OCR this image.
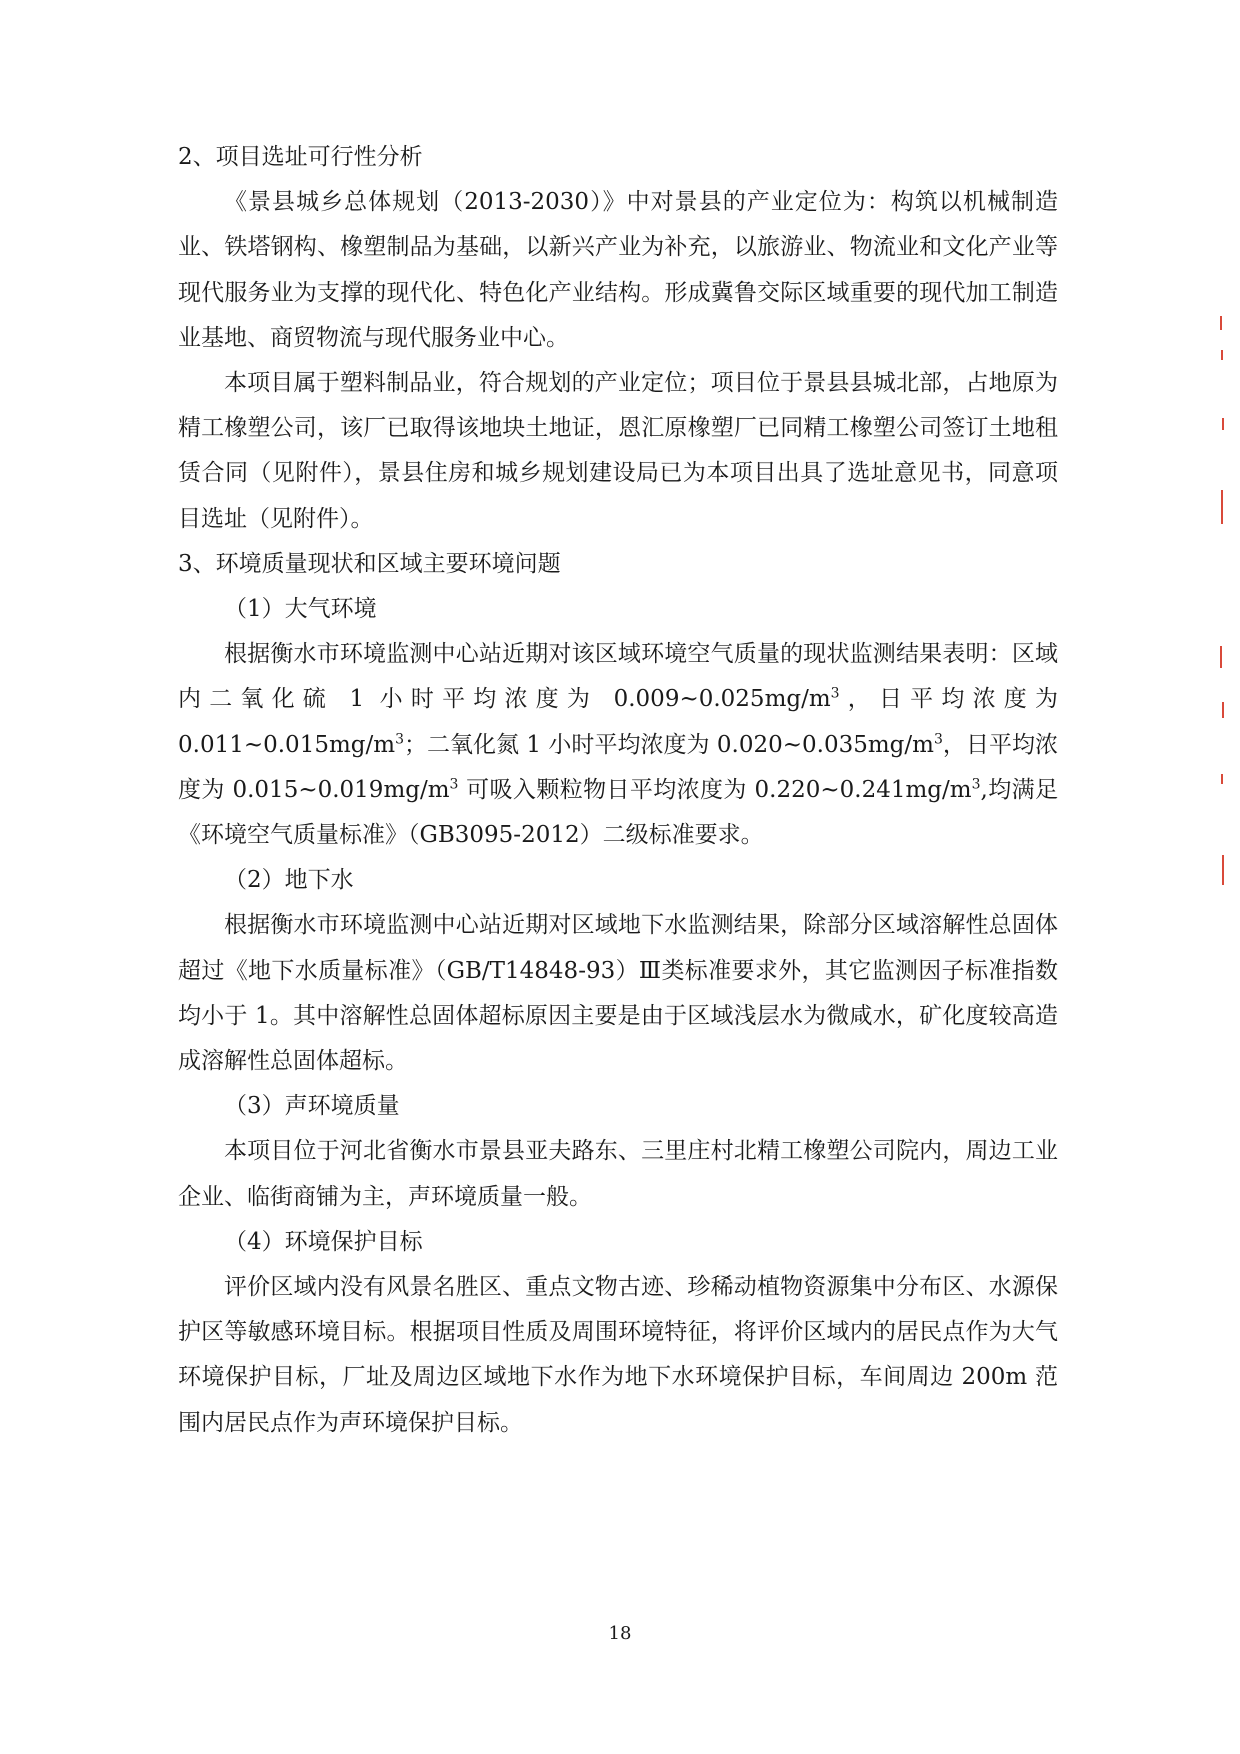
2、项目选址可行性分析

《景县城乡总体规划（2013-2030）》中对景县的产业定位为：构筑以机械制造业、铁塔钢构、橡塑制品为基础，以新兴产业为补充，以旅游业、物流业和文化产业等现代服务业为支撑的现代化、特色化产业结构。形成冀鲁交际区域重要的现代加工制造业基地、商贸物流与现代服务业中心。

本项目属于塑料制品业，符合规划的产业定位；项目位于景县县城北部，占地原为精工橡塑公司，该厂已取得该地块土地证，恩汇原橡塑厂已同精工橡塑公司签订土地租赁合同（见附件），景县住房和城乡规划建设局已为本项目出具了选址意见书，同意项目选址（见附件）。

3、环境质量现状和区域主要环境问题

（1）大气环境

根据衡水市环境监测中心站近期对该区域环境空气质量的现状监测结果表明：区域内二氧化硫 1 小时平均浓度为 $0.009\sim 0.025mg/m^3$，日平均浓度为 $0.011\sim 0.015mg/m^3$；二氧化氮 1 小时平均浓度为 $0.020\sim 0.035mg/m^3$，日平均浓度为 $0.015\sim 0.019mg/m^3$ 可吸入颗粒物日平均浓度为 $0.220\sim 0.241mg/m^3$,均满足《环境空气质量标准》（GB3095-2012）二级标准要求。

（2）地下水

根据衡水市环境监测中心站近期对区域地下水监测结果，除部分区域溶解性总固体超过《地下水质量标准》（GB/T14848-93）Ⅲ类标准要求外，其它监测因子标准指数均小于 1。其中溶解性总固体超标原因主要是由于区域浅层水为微咸水，矿化度较高造成溶解性总固体超标。

（3）声环境质量

本项目位于河北省衡水市景县亚夫路东、三里庄村北精工橡塑公司院内，周边工业企业、临街商铺为主，声环境质量一般。

（4）环境保护目标

评价区域内没有风景名胜区、重点文物古迹、珍稀动植物资源集中分布区、水源保护区等敏感环境目标。根据项目性质及周围环境特征，将评价区域内的居民点作为大气环境保护目标，厂址及周边区域地下水作为地下水环境保护目标，车间周边 200m 范围内居民点作为声环境保护目标。

18
